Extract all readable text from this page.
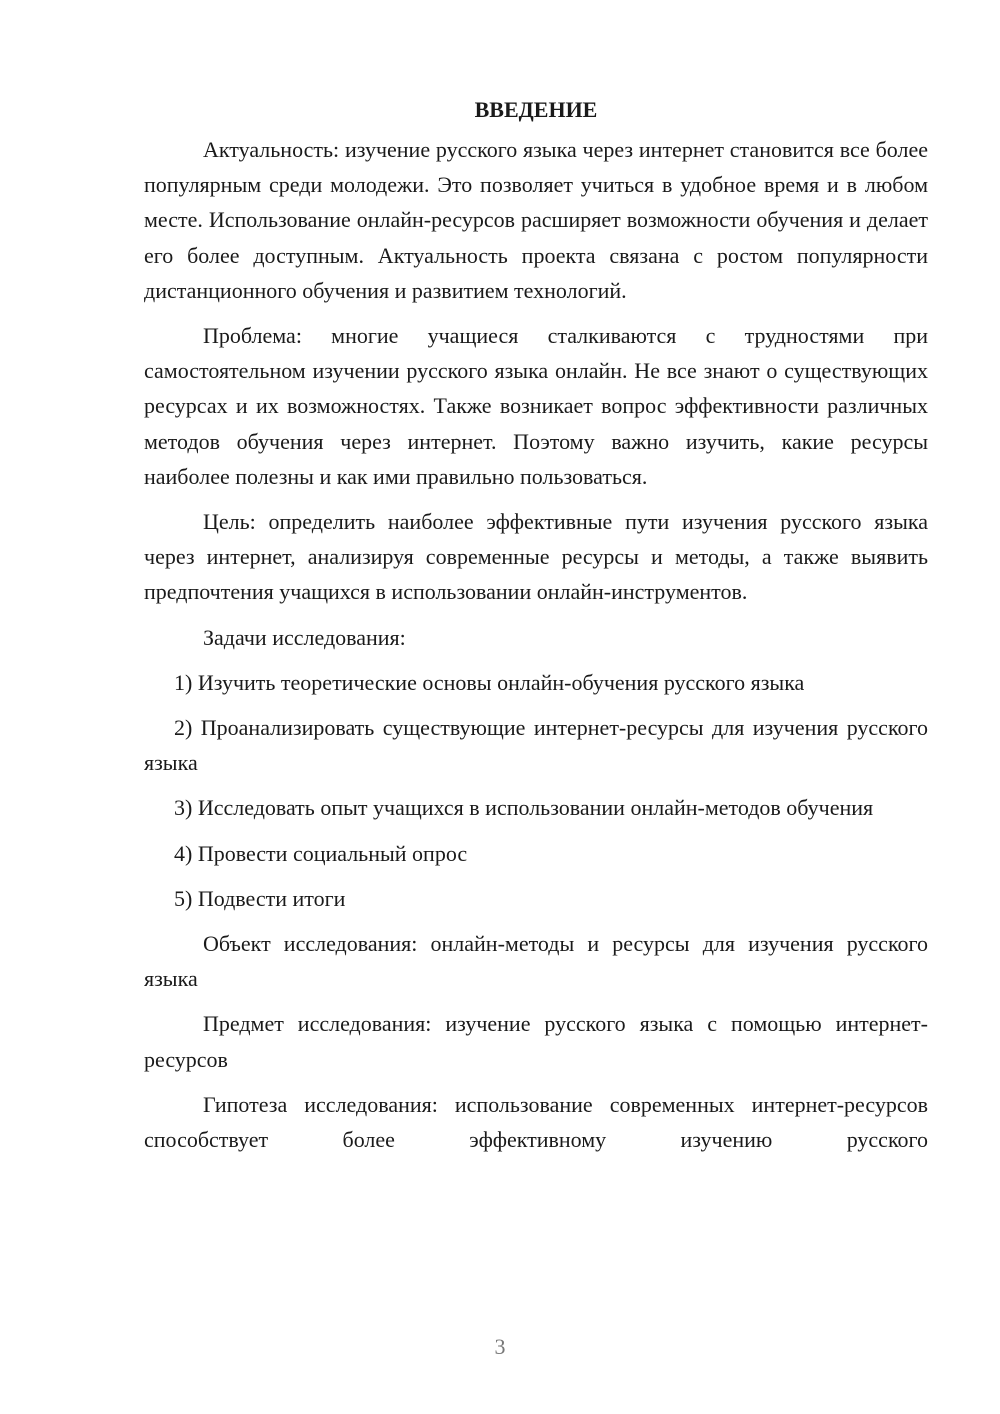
ВВЕДЕНИЕ

Актуальность: изучение русского языка через интернет становится все более популярным среди молодежи. Это позволяет учиться в удобное время и в любом месте. Использование онлайн-ресурсов расширяет возможности обучения и делает его более доступным. Актуальность проекта связана с ростом популярности дистанционного обучения и развитием технологий.

Проблема: многие учащиеся сталкиваются с трудностями при самостоятельном изучении русского языка онлайн. Не все знают о существующих ресурсах и их возможностях. Также возникает вопрос эффективности различных методов обучения через интернет. Поэтому важно изучить, какие ресурсы наиболее полезны и как ими правильно пользоваться.

Цель: определить наиболее эффективные пути изучения русского языка через интернет, анализируя современные ресурсы и методы, а также выявить предпочтения учащихся в использовании онлайн-инструментов.

Задачи исследования:

1) Изучить теоретические основы онлайн-обучения русского языка

2) Проанализировать существующие интернет-ресурсы для изучения русского языка

3) Исследовать опыт учащихся в использовании онлайн-методов обучения

4) Провести социальный опрос

5) Подвести итоги

Объект исследования: онлайн-методы и ресурсы для изучения русского языка

Предмет исследования: изучение русского языка с помощью интернет-ресурсов

Гипотеза исследования: использование современных интернет-ресурсов способствует более эффективному изучению русского

3
